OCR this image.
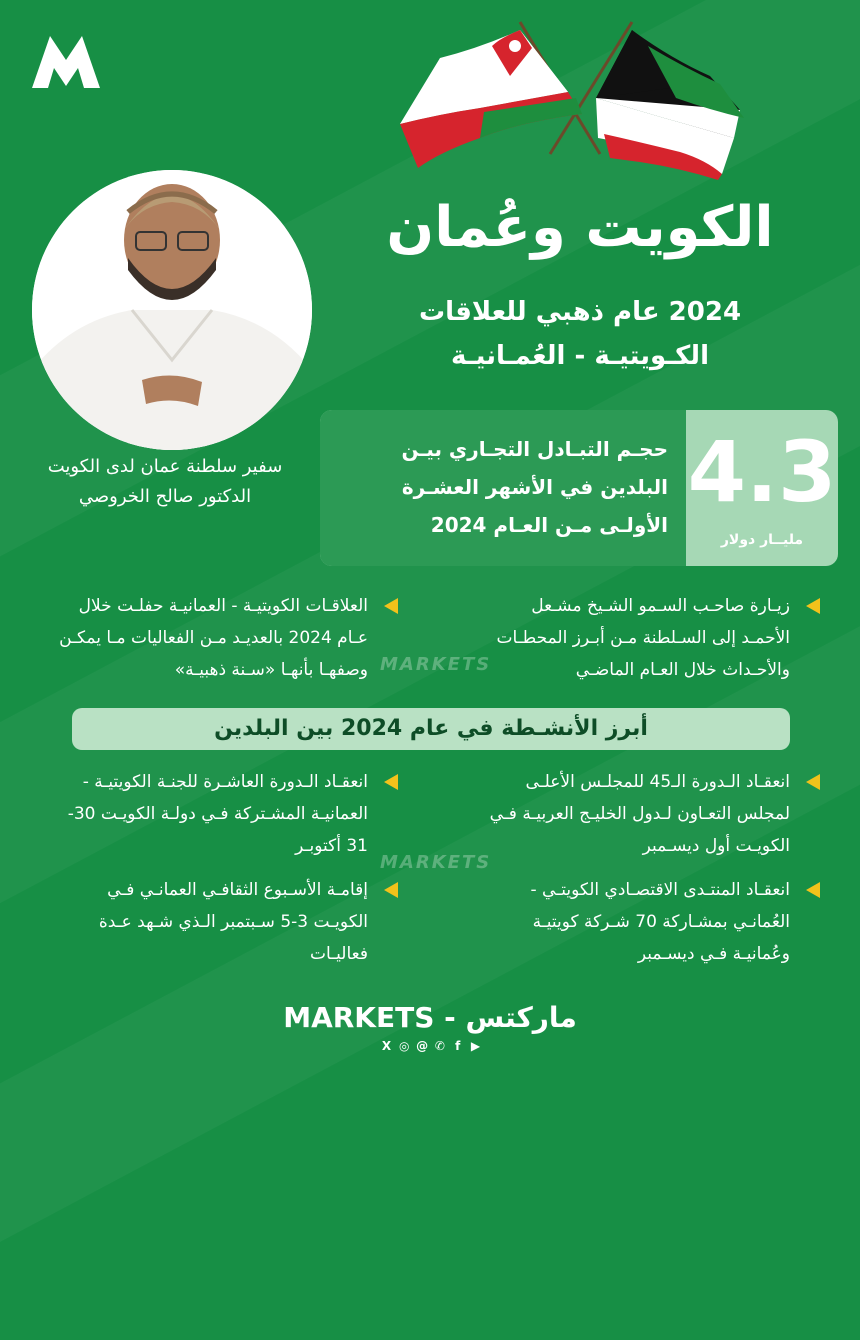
الكويت وعُمان
2024 عام ذهبي للعلاقات
الكـويتيـة - العُمـانيـة
سفير سلطنة عمان لدى الكويت
الدكتور صالح الخروصي
حجـم التبـادل التجـاري بيـن
البلدين في الأشهر العشـرة
الأولـى مـن العـام 2024
4.3
مليــار دولار
زيـارة صاحـب السـمو الشـيخ مشـعل
الأحمـد إلى السـلطنة مـن أبـرز المحطـات
والأحـداث خلال العـام الماضـي
العلاقـات الكويتيـة - العمانيـة حفلـت خلال
عـام 2024 بالعديـد مـن الفعاليات مـا يمكـن
وصفهـا بأنهـا «سـنة ذهبيـة» MARKETS
أبرز الأنشـطة في عام 2024 بين البلدين
انعقـاد الـدورة الـ45 للمجلـس الأعلـى
لمجلس التعـاون لـدول الخليـج العربيـة فـي
الكويـت أول ديسـمبر
انعقـاد الـدورة العاشـرة للجنـة الكويتيـة -
العمانيـة المشـتركة فـي دولـة الكويـت 30-
31 أكتوبـر
MARKETS
انعقـاد المنتـدى الاقتصـادي الكويتـي -
العُمانـي بمشـاركة 70 شـركة كويتيـة
وعُمانيـة فـي ديسـمبر
إقامـة الأسـبوع الثقافـي العمانـي فـي
الكويـت 3-5 سـبتمبر الـذي شـهد عـدة
فعاليـات
MARKETS - ماركتس
X ◎ @ ✆ f ▶
